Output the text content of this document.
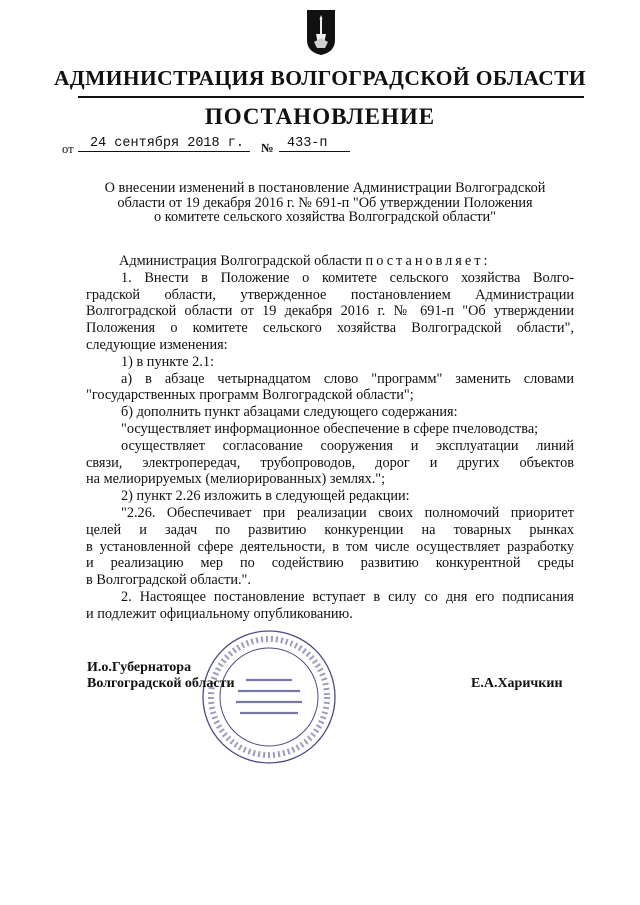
АДМИНИСТРАЦИЯ ВОЛГОГРАДСКОЙ ОБЛАСТИ
ПОСТАНОВЛЕНИЕ
от	24 сентября 2018 г.	№ 433-п
О внесении изменений в постановление Администрации Волгоградской
области от 19 декабря 2016 г. № 691-п "Об утверждении Положения
о комитете сельского хозяйства Волгоградской области"
Администрация Волгоградской области постановляет:
1. Внести в Положение о комитете сельского хозяйства Волго-
градской области, утвержденное постановлением Администрации
Волгоградской области от 19 декабря 2016 г. № 691-п "Об утверждении
Положения о комитете сельского хозяйства Волгоградской области",
следующие изменения:
1) в пункте 2.1:
а) в абзаце четырнадцатом слово "программ" заменить словами
"государственных программ Волгоградской области";
б) дополнить пункт абзацами следующего содержания:
"осуществляет информационное обеспечение в сфере пчеловодства;
осуществляет согласование сооружения и эксплуатации линий
связи, электропередач, трубопроводов, дорог и других объектов
на мелиорируемых (мелиорированных) землях.";
2) пункт 2.26 изложить в следующей редакции:
"2.26. Обеспечивает при реализации своих полномочий приоритет
целей и задач по развитию конкуренции на товарных рынках
в установленной сфере деятельности, в том числе осуществляет разработку
и реализацию мер по содействию развитию конкурентной среды
в Волгоградской области.".
2. Настоящее постановление вступает в силу со дня его подписания
и подлежит официальному опубликованию.
И.о.Губернатора
Волгоградской области	Е.А.Харичкин
